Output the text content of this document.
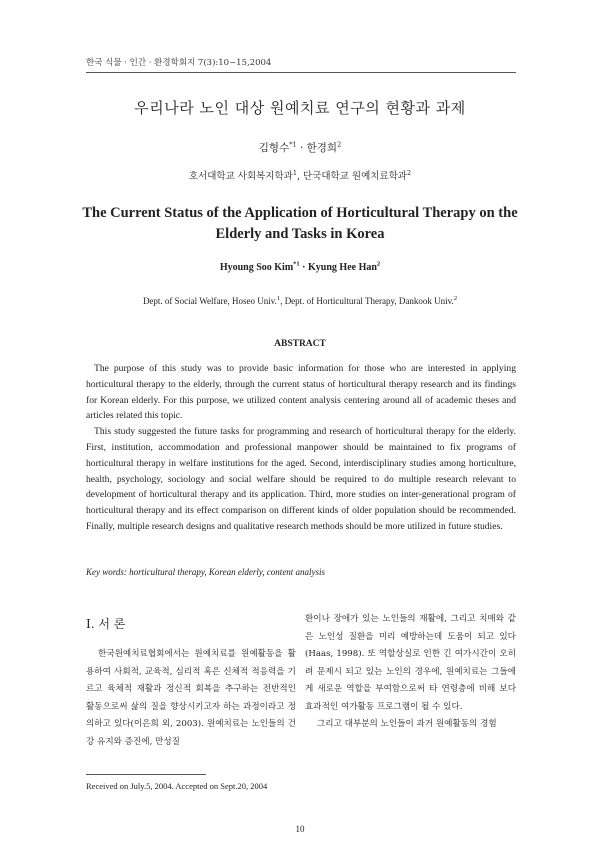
한국 식물 · 인간 · 환경학회지 7(3):10~15,2004
우리나라 노인 대상 원예치료 연구의 현황과 과제
김형수$^{*1}$ · 한경희$^2$
호서대학교 사회복지학과$^1$, 단국대학교 원예치료학과$^2$
The Current Status of the Application of Horticultural Therapy on the Elderly and Tasks in Korea
Hyoung Soo Kim$^{*1}$ · Kyung Hee Han$^2$
Dept. of Social Welfare, Hoseo Univ.$^1$, Dept. of Horticultural Therapy, Dankook Univ.$^2$
ABSTRACT

The purpose of this study was to provide basic information for those who are interested in applying horticultural therapy to the elderly, through the current status of horticultural therapy research and its findings for Korean elderly. For this purpose, we utilized content analysis centering around all of academic theses and articles related this topic.

This study suggested the future tasks for programming and research of horticultural therapy for the elderly. First, institution, accommodation and professional manpower should be maintained to fix programs of horticultural therapy in welfare institutions for the aged. Second, interdisciplinary studies among horticulture, health, psychology, sociology and social welfare should be required to do multiple research relevant to development of horticultural therapy and its application. Third, more studies on inter-generational program of horticultural therapy and its effect comparison on different kinds of older population should be recommended. Finally, multiple research designs and qualitative research methods should be more utilized in future studies.

Key words: horticultural therapy, Korean elderly, content analysis
I. 서 론

한국원예치료협회에서는 원예치료를 원예활동을 활용하여 사회적, 교육적, 심리적 혹은 신체적 적응력을 기르고 육체적 재활과 정신적 회복을 추구하는 전반적인 활동으로써 삶의 질을 향상시키고자 하는 과정이라고 정의하고 있다(이은희 외, 2003). 원예치료는 노인들의 건강 유지와 증진에, 만성질

환이나 장애가 있는 노인들의 재활에, 그리고 치매와 같은 노인성 질환을 미리 예방하는데 도움이 되고 있다(Haas, 1998). 또 역할상실로 인한 긴 여가시간이 오히려 문제시 되고 있는 노인의 경우에, 원예치료는 그들에게 새로운 역할을 부여함으로써 타 연령층에 비해 보다 효과적인 여가활동 프로그램이 될 수 있다.

그리고 대부분의 노인들이 과거 원예활동의 경험

Received on July.5, 2004. Accepted on Sept.20, 2004
10
